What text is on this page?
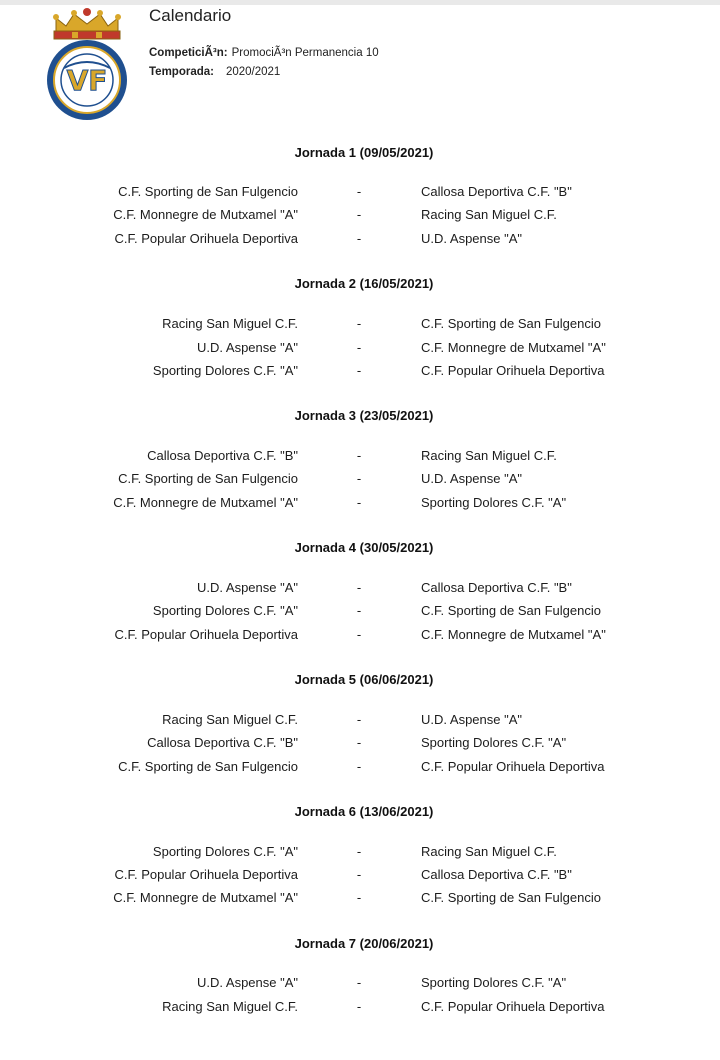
VF
Calendario
CompeticiÃ³n: PromociÃ³n Permanencia 10
Temporada: 2020/2021
Jornada 1 (09/05/2021)
C.F. Sporting de San Fulgencio	-	Callosa Deportiva C.F. "B"
C.F. Monnegre de Mutxamel "A"	-	Racing San Miguel C.F.
C.F. Popular Orihuela Deportiva	-	U.D. Aspense "A"
Jornada 2 (16/05/2021)
Racing San Miguel C.F.	-	C.F. Sporting de San Fulgencio
U.D. Aspense "A"	-	C.F. Monnegre de Mutxamel "A"
Sporting Dolores C.F. "A"	-	C.F. Popular Orihuela Deportiva
Jornada 3 (23/05/2021)
Callosa Deportiva C.F. "B"	-	Racing San Miguel C.F.
C.F. Sporting de San Fulgencio	-	U.D. Aspense "A"
C.F. Monnegre de Mutxamel "A"	-	Sporting Dolores C.F. "A"
Jornada 4 (30/05/2021)
U.D. Aspense "A"	-	Callosa Deportiva C.F. "B"
Sporting Dolores C.F. "A"	-	C.F. Sporting de San Fulgencio
C.F. Popular Orihuela Deportiva	-	C.F. Monnegre de Mutxamel "A"
Jornada 5 (06/06/2021)
Racing San Miguel C.F.	-	U.D. Aspense "A"
Callosa Deportiva C.F. "B"	-	Sporting Dolores C.F. "A"
C.F. Sporting de San Fulgencio	-	C.F. Popular Orihuela Deportiva
Jornada 6 (13/06/2021)
Sporting Dolores C.F. "A"	-	Racing San Miguel C.F.
C.F. Popular Orihuela Deportiva	-	Callosa Deportiva C.F. "B"
C.F. Monnegre de Mutxamel "A"	-	C.F. Sporting de San Fulgencio
Jornada 7 (20/06/2021)
U.D. Aspense "A"	-	Sporting Dolores C.F. "A"
Racing San Miguel C.F.	-	C.F. Popular Orihuela Deportiva
